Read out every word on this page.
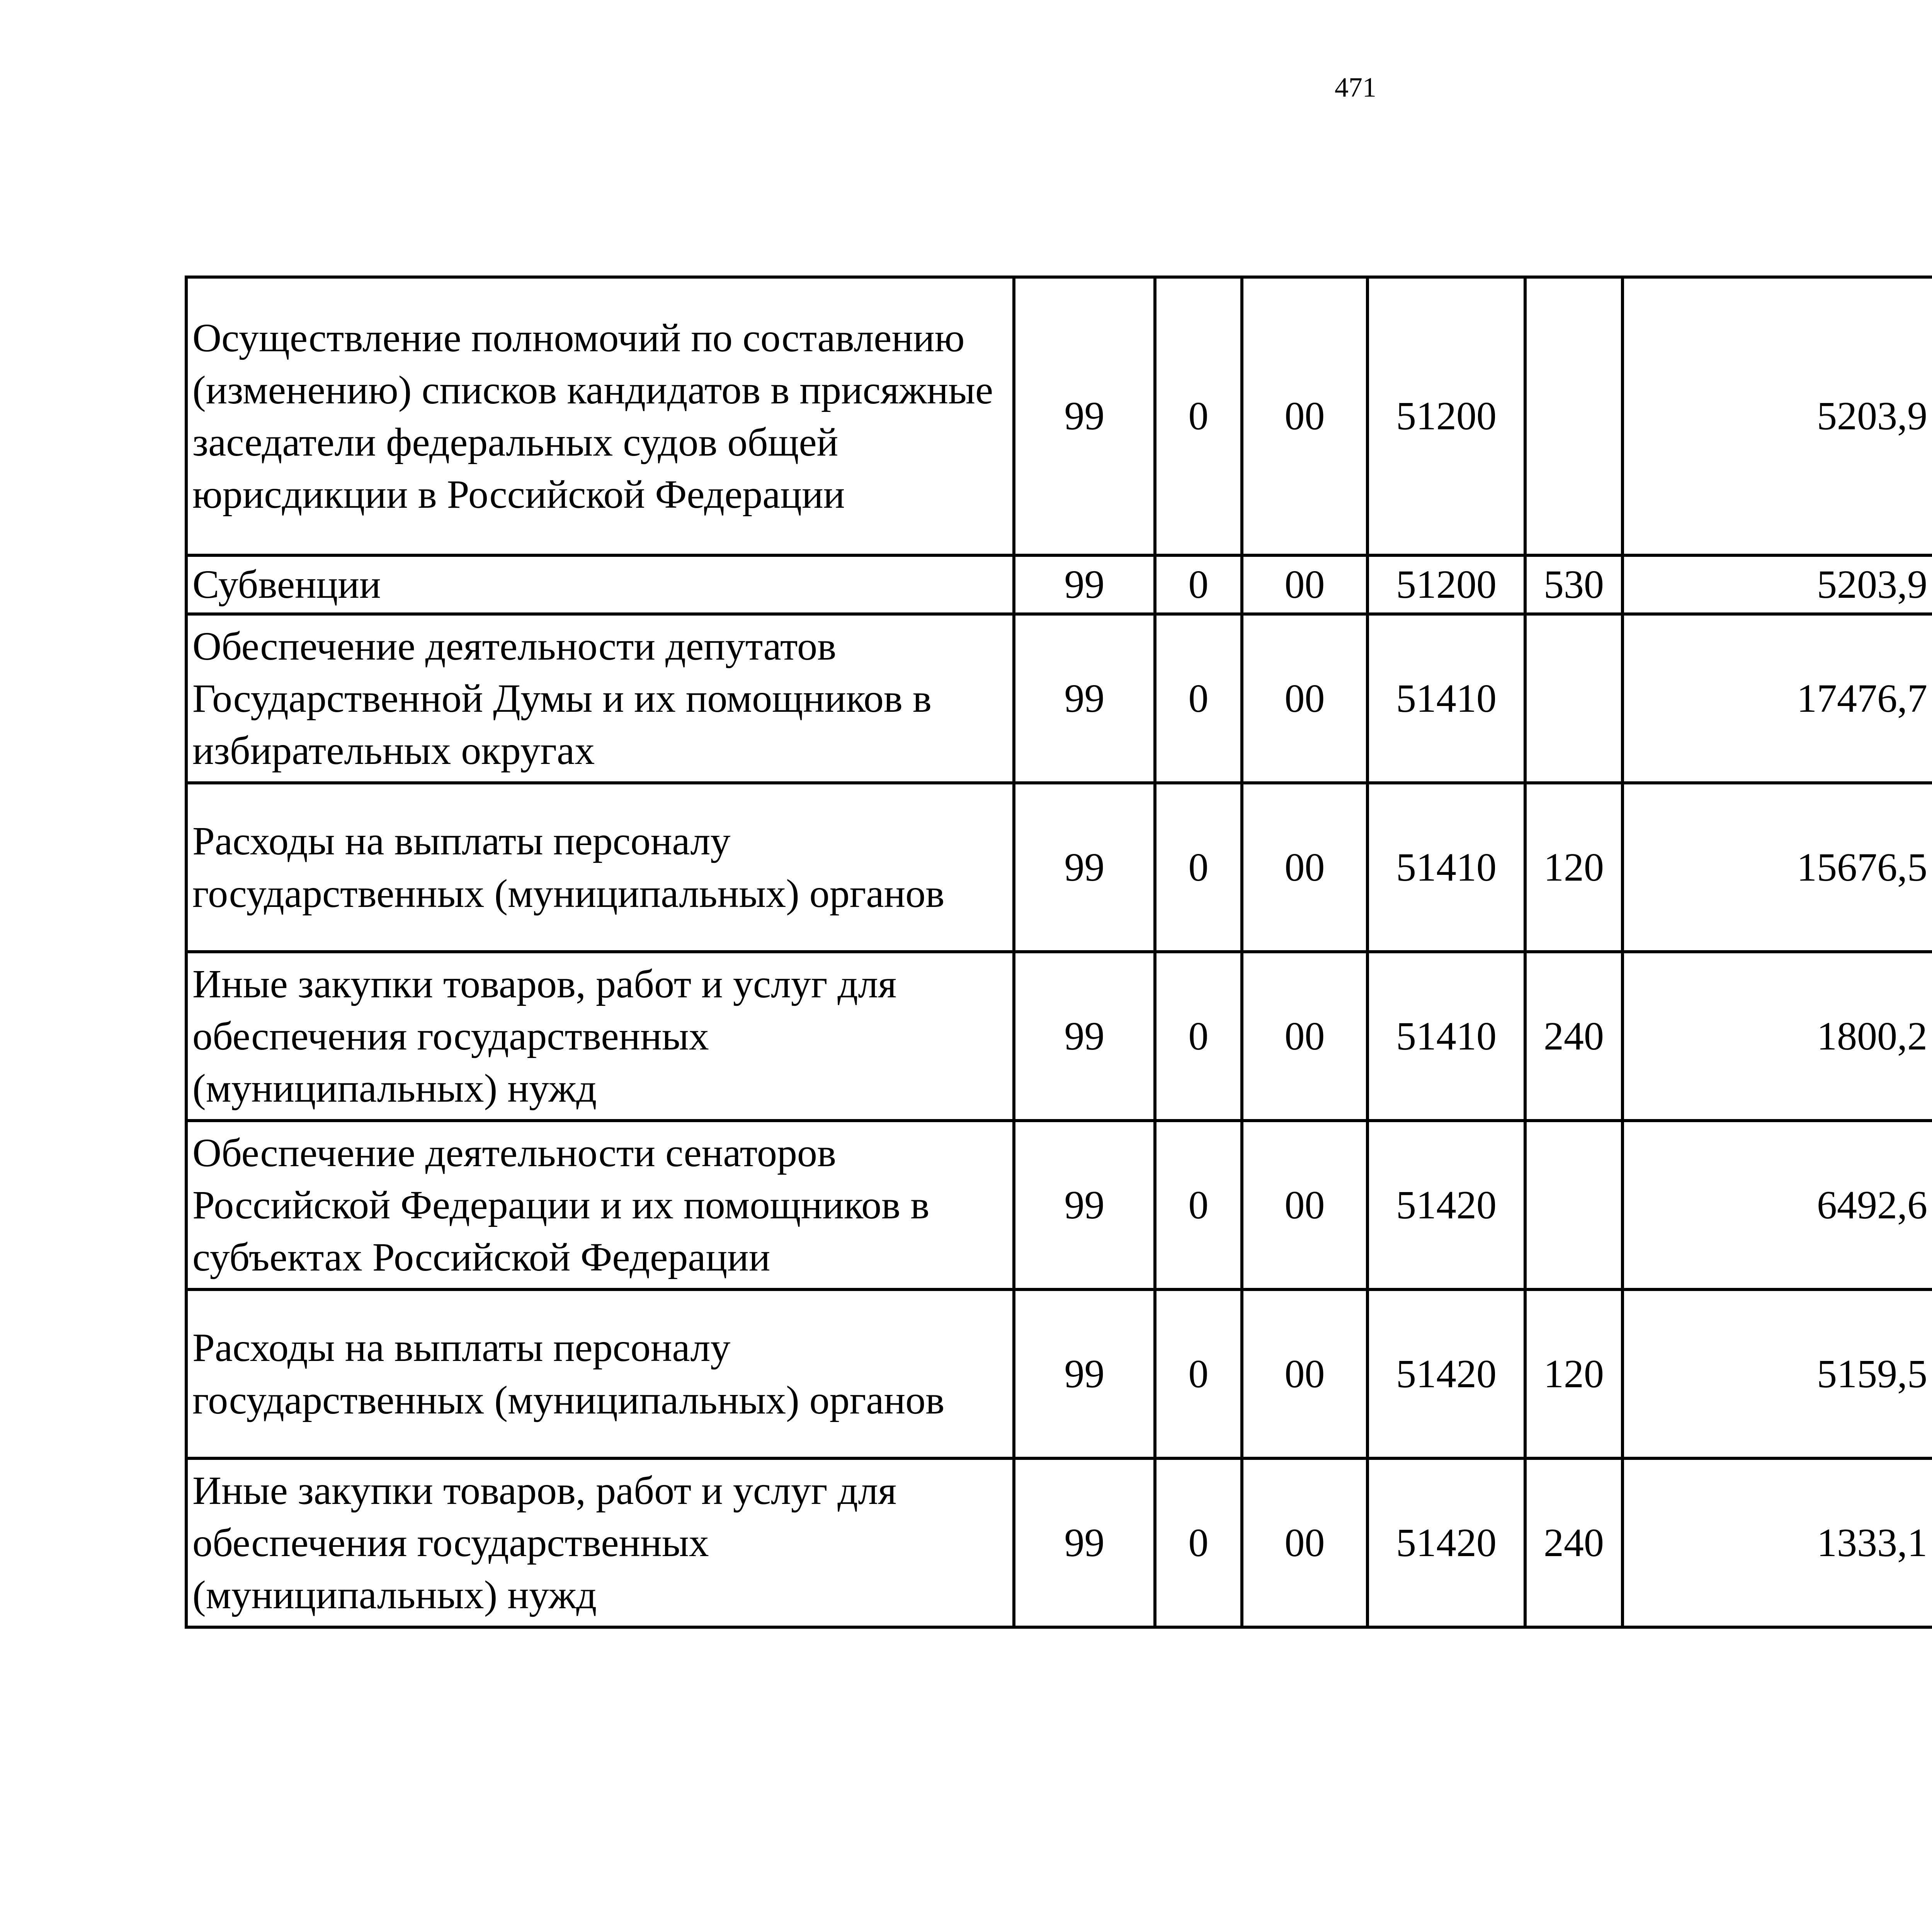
471
Осуществление полномочий по составлению (изменению) списков кандидатов в присяжные заседатели федеральных судов общей юрисдикции в Российской Федерации	99	0	00	51200		5203,9		
Субвенции	99	0	00	51200	530	5203,9		
Обеспечение деятельности депутатов Государственной Думы и их помощников в избирательных округах	99	0	00	51410		17476,7		
Расходы на выплаты персоналу государственных (муниципальных) органов	99	0	00	51410	120	15676,5		
Иные закупки товаров, работ и услуг для обеспечения государственных (муниципальных) нужд	99	0	00	51410	240	1800,2		
Обеспечение деятельности сенаторов Российской Федерации и их помощников в субъектах Российской Федерации	99	0	00	51420		6492,6		
Расходы на выплаты персоналу государственных (муниципальных) органов	99	0	00	51420	120	5159,5		
Иные закупки товаров, работ и услуг для обеспечения государственных (муниципальных) нужд	99	0	00	51420	240	1333,1		
